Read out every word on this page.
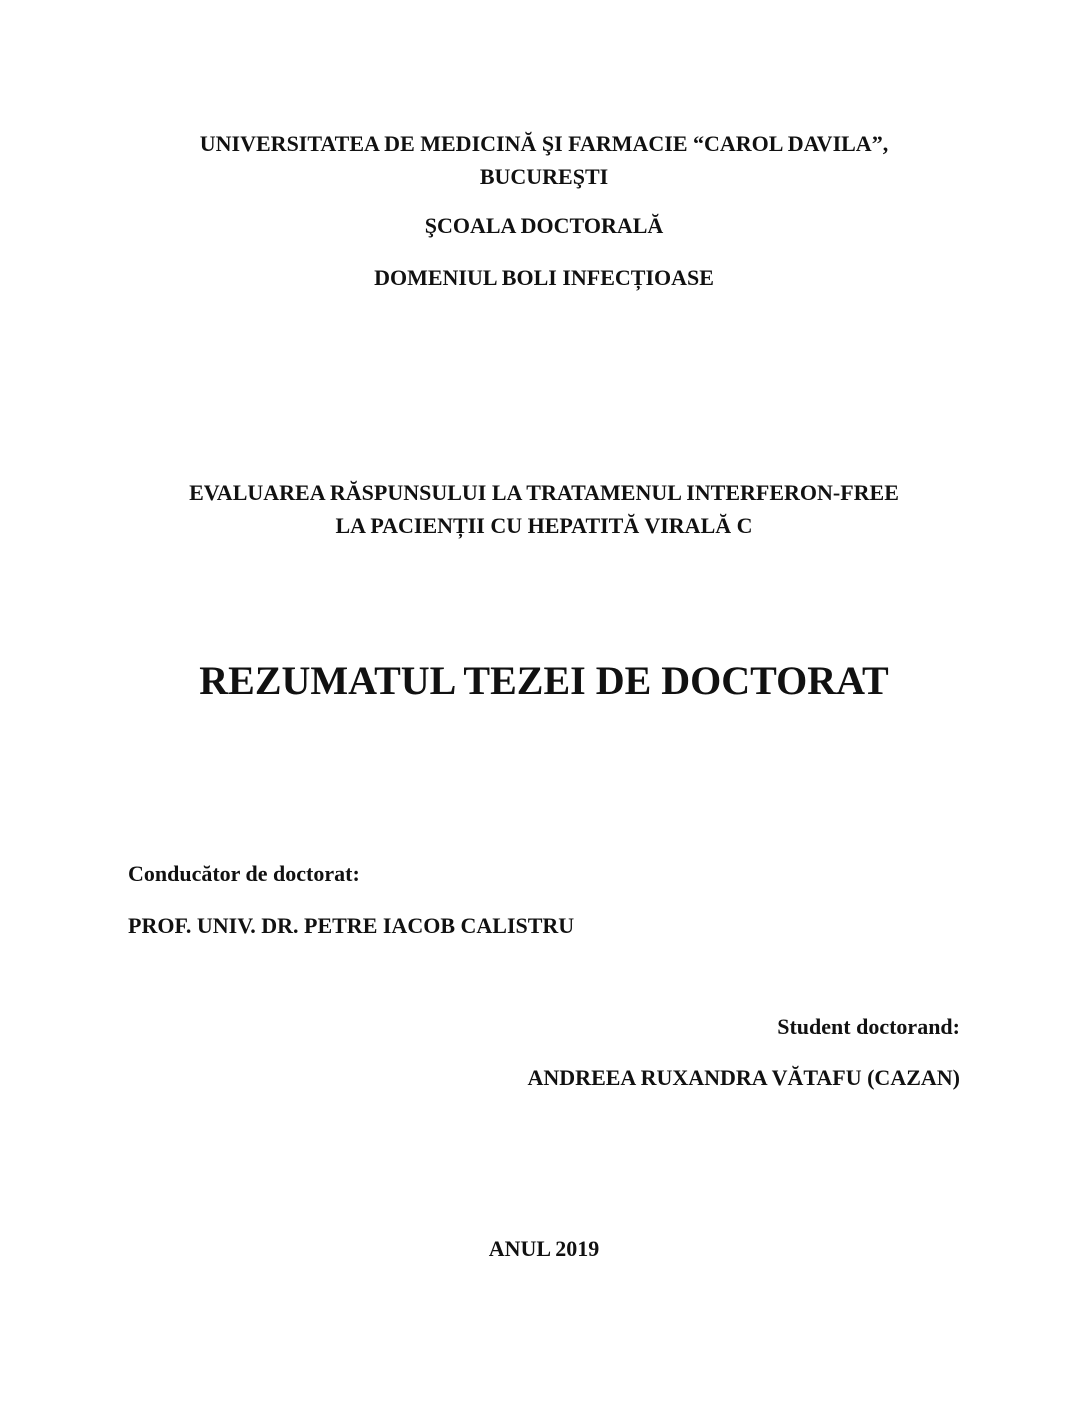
UNIVERSITATEA DE MEDICINĂ ŞI FARMACIE “CAROL DAVILA”,
BUCUREŞTI
ŞCOALA DOCTORALĂ
DOMENIUL BOLI INFECȚIOASE
EVALUAREA RĂSPUNSULUI LA TRATAMENUL INTERFERON-FREE
LA PACIENȚII CU HEPATITĂ VIRALĂ C
REZUMATUL TEZEI DE DOCTORAT
Conducător de doctorat:
PROF. UNIV. DR. PETRE IACOB CALISTRU
Student doctorand:
ANDREEA RUXANDRA VĂTAFU (CAZAN)
ANUL 2019
